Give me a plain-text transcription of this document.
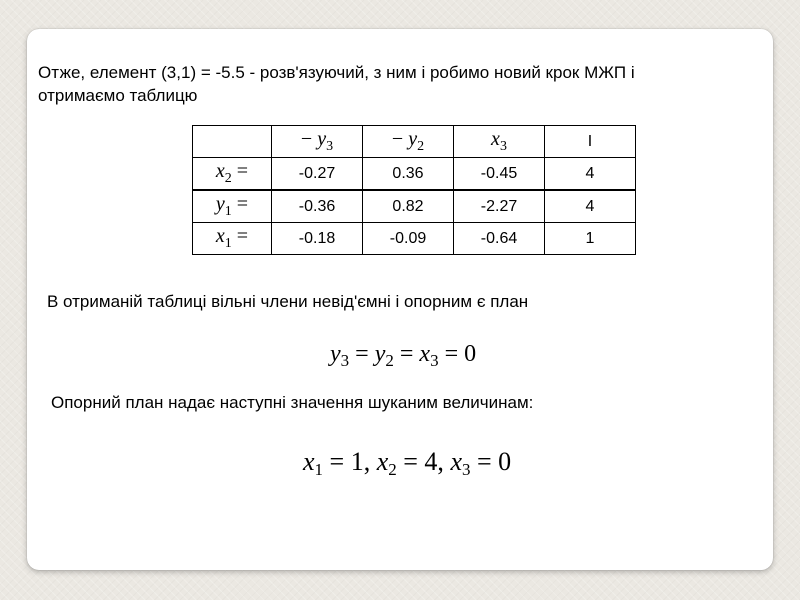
Отже, елемент (3,1) = -5.5 - розв'язуючий, з ним і робимо новий крок МЖП і
отримаємо таблицю
	− $y_3$	− $y_2$	$x_3$	I
$x_2$ =	-0.27	0.36	-0.45	4
$y_1$ =	-0.36	0.82	-2.27	4
$x_1$ =	-0.18	-0.09	-0.64	1
В отриманій таблиці вільні члени невід'ємні і опорним є план
$y_3 = y_2 = x_3 = 0$
Опорний план надає наступні значення шуканим величинам:
$x_1 = 1$, $x_2 = 4$, $x_3 = 0$
